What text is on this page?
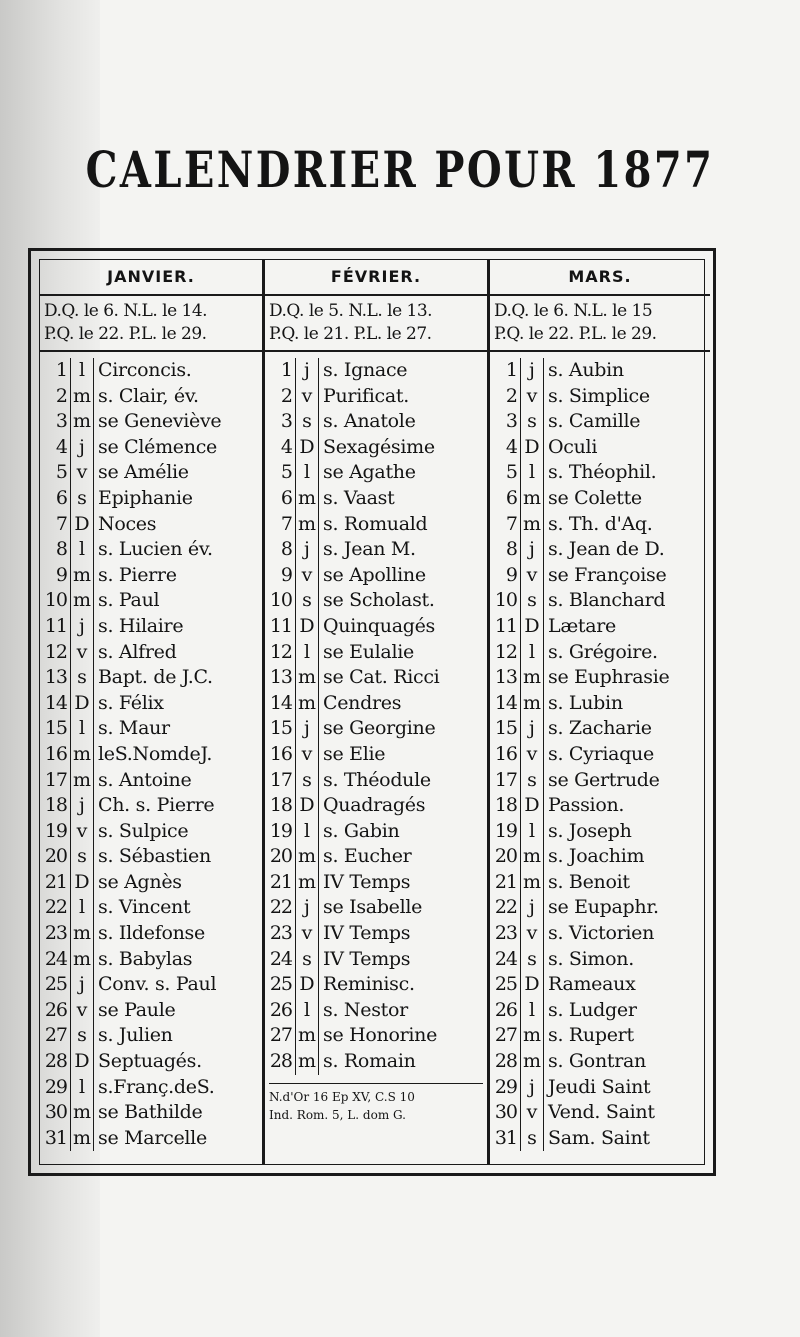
CALENDRIER POUR 1877
JANVIER.
D.Q. le 6. N.L. le 14.
P.Q. le 22. P.L. le 29.
1 l Circoncis.
2 m s. Clair, év.
3 m se Geneviève
4 j se Clémence
5 v se Amélie
6 s Epiphanie
7 D Noces
8 l s. Lucien év.
9 m s. Pierre
10 m s. Paul
11 j s. Hilaire
12 v s. Alfred
13 s Bapt. de J.C.
14 D s. Félix
15 l s. Maur
16 m leS.NomdeJ.
17 m s. Antoine
18 j Ch. s. Pierre
19 v s. Sulpice
20 s s. Sébastien
21 D se Agnès
22 l s. Vincent
23 m s. Ildefonse
24 m s. Babylas
25 j Conv. s. Paul
26 v se Paule
27 s s. Julien
28 D Septuagés.
29 l s.Franç.deS.
30 m se Bathilde
31 m se Marcelle
FÉVRIER.
D.Q. le 5. N.L. le 13.
P.Q. le 21. P.L. le 27.
1 j s. Ignace
2 v Purificat.
3 s s. Anatole
4 D Sexagésime
5 l se Agathe
6 m s. Vaast
7 m s. Romuald
8 j s. Jean M.
9 v se Apolline
10 s se Scholast.
11 D Quinquagés
12 l se Eulalie
13 m se Cat. Ricci
14 m Cendres
15 j se Georgine
16 v se Elie
17 s s. Théodule
18 D Quadragés
19 l s. Gabin
20 m s. Eucher
21 m IV Temps
22 j se Isabelle
23 v IV Temps
24 s IV Temps
25 D Reminisc.
26 l s. Nestor
27 m se Honorine
28 m s. Romain
N.d'Or 16 Ep XV, C.S 10
Ind. Rom. 5, L. dom G.
MARS.
D.Q. le 6. N.L. le 15
P.Q. le 22. P.L. le 29.
1 j s. Aubin
2 v s. Simplice
3 s s. Camille
4 D Oculi
5 l s. Théophil.
6 m se Colette
7 m s. Th. d'Aq.
8 j s. Jean de D.
9 v se Françoise
10 s s. Blanchard
11 D Lætare
12 l s. Grégoire.
13 m se Euphrasie
14 m s. Lubin
15 j s. Zacharie
16 v s. Cyriaque
17 s se Gertrude
18 D Passion.
19 l s. Joseph
20 m s. Joachim
21 m s. Benoit
22 j se Eupaphr.
23 v s. Victorien
24 s s. Simon.
25 D Rameaux
26 l s. Ludger
27 m s. Rupert
28 m s. Gontran
29 j Jeudi Saint
30 v Vend. Saint
31 s Sam. Saint
